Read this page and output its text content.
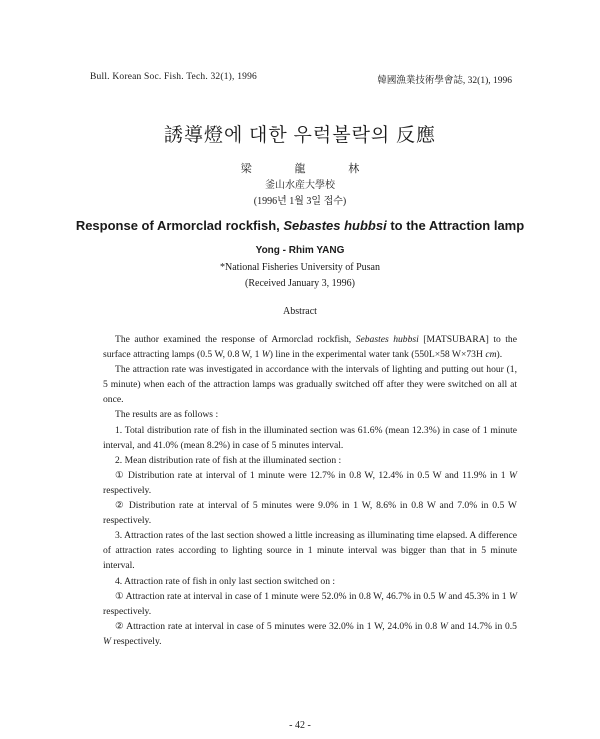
Bull. Korean Soc. Fish. Tech. 32(1), 1996	韓國漁業技術學會誌, 32(1), 1996
誘導燈에 대한 우럭볼락의 反應
梁 龍 林
釜山水産大學校
(1996년 1월 3일 접수)
Response of Armorclad rockfish, Sebastes hubbsi to the Attraction lamp
Yong - Rhim YANG
*National Fisheries University of Pusan
(Received January 3, 1996)
Abstract

The author examined the response of Armorclad rockfish, Sebastes hubbsi [MATSUBARA] to the surface attracting lamps (0.5 W, 0.8 W, 1 W) line in the experimental water tank (550L×58 W×73H cm).

The attraction rate was investigated in accordance with the intervals of lighting and putting out hour (1, 5 minute) when each of the attraction lamps was gradually switched off after they were switched on all at once.

The results are as follows :

1. Total distribution rate of fish in the illuminated section was 61.6% (mean 12.3%) in case of 1 minute interval, and 41.0% (mean 8.2%) in case of 5 minutes interval.

2. Mean distribution rate of fish at the illuminated section :

① Distribution rate at interval of 1 minute were 12.7% in 0.8 W, 12.4% in 0.5 W and 11.9% in 1 W respectively.

② Distribution rate at interval of 5 minutes were 9.0% in 1 W, 8.6% in 0.8 W and 7.0% in 0.5 W respectively.

3. Attraction rates of the last section showed a little increasing as illuminating time elapsed. A difference of attraction rates according to lighting source in 1 minute interval was bigger than that in 5 minute interval.

4. Attraction rate of fish in only last section switched on :

① Attraction rate at interval in case of 1 minute were 52.0% in 0.8 W, 46.7% in 0.5 W and 45.3% in 1 W respectively.

② Attraction rate at interval in case of 5 minutes were 32.0% in 1 W, 24.0% in 0.8 W and 14.7% in 0.5 W respectively.

- 42 -
